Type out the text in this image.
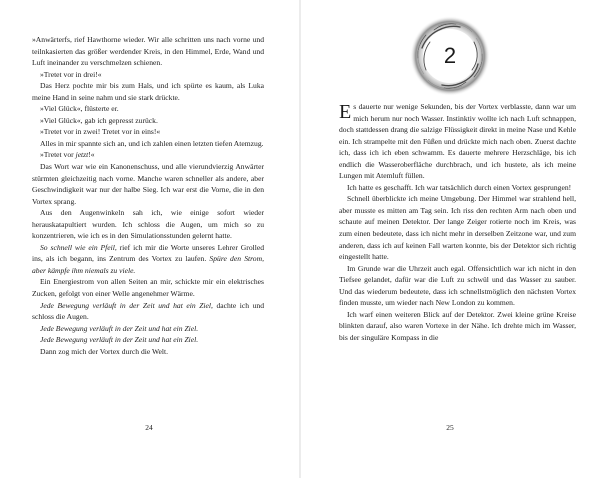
»Anwärterfs, rief Hawthorne wieder. Wir alle schritten uns nach vorne und teilnkasierten das größer werdender Kreis, in den Himmel, Erde, Wand und Luft ineinander zu verschmelzen schienen.

»Tretet vor in drei!«

Das Herz pochte mir bis zum Hals, und ich spürte es kaum, als Luka meine Hand in seine nahm und sie stark drückte.

»Viel Glück«, flüsterte er.

»Viel Glück«, gab ich gepresst zurück.

»Tretet vor in zwei! Tretet vor in eins!«

Alles in mir spannte sich an, und ich zahlen einen letzten tiefen Atemzug.

»Tretet vor jetzt!«

Das Wort war wie ein Kanonenschuss, und alle vierundvierzig Anwärter stürmten gleichzeitig nach vorne. Manche waren schneller als andere, aber Geschwindigkeit war nur der halbe Sieg. Ich war erst die Vorne, die in den Vortex sprang.

Aus den Augenwinkeln sah ich, wie einige sofort wieder herauskatapultiert wurden. Ich schloss die Augen, um mich so zu konzentrieren, wie ich es in den Simulationsstunden gelernt hatte.

So schnell wie ein Pfeil, rief ich mir die Worte unseres Lehrer Grolled ins, als ich begann, ins Zentrum des Vortex zu laufen. Spüre den Strom, aber kämpfe ihm niemals zu viele.

Ein Energiestrom von allen Seiten an mir, schickte mir ein elektrisches Zucken, gefolgt von einer Welle angenehmer Wärme.

Jede Bewegung verläuft in der Zeit und hat ein Ziel, dachte ich und schloss die Augen.

Jede Bewegung verläuft in der Zeit und hat ein Ziel.

Jede Bewegung verläuft in der Zeit und hat ein Ziel.

Dann zog mich der Vortex durch die Welt.

24
2

Es dauerte nur wenige Sekunden, bis der Vortex verblasste, dann war um mich herum nur noch Wasser. Instinktiv wollte ich nach Luft schnappen, doch stattdessen drang die salzige Flüssigkeit direkt in meine Nase und Kehle ein. Ich strampelte mit den Füßen und drückte mich nach oben. Zuerst dachte ich, dass ich ich eben schwamm. Es dauerte mehrere Herzschläge, bis ich endlich die Wasseroberfläche durchbrach, und ich hustete, als ich meine Lungen mit Atemluft füllen.

Ich hatte es geschafft. Ich war tatsächlich durch einen Vortex gesprungen!

Schnell überblickte ich meine Umgebung. Der Himmel war strahlend hell, aber musste es mitten am Tag sein. Ich riss den rechten Arm nach oben und schaute auf meinen Detektor. Der lange Zeiger rotierte noch im Kreis, was zum einen bedeutete, dass ich nicht mehr in derselben Zeitzone war, und zum anderen, dass ich auf keinen Fall warten konnte, bis der Detektor sich richtig eingestellt hatte.

Im Grunde war die Uhrzeit auch egal. Offensichtlich war ich nicht in den Tiefsee gelandet, dafür war die Luft zu schwül und das Wasser zu sauber. Und das wiederum bedeutete, dass ich schnellstmöglich den nächsten Vortex finden musste, um wieder nach New London zu kommen.

Ich warf einen weiteren Blick auf der Detektor. Zwei kleine grüne Kreise blinkten darauf, also waren Vortexe in der Nähe. Ich drehte mich im Wasser, bis der singuläre Kompass in die

25
